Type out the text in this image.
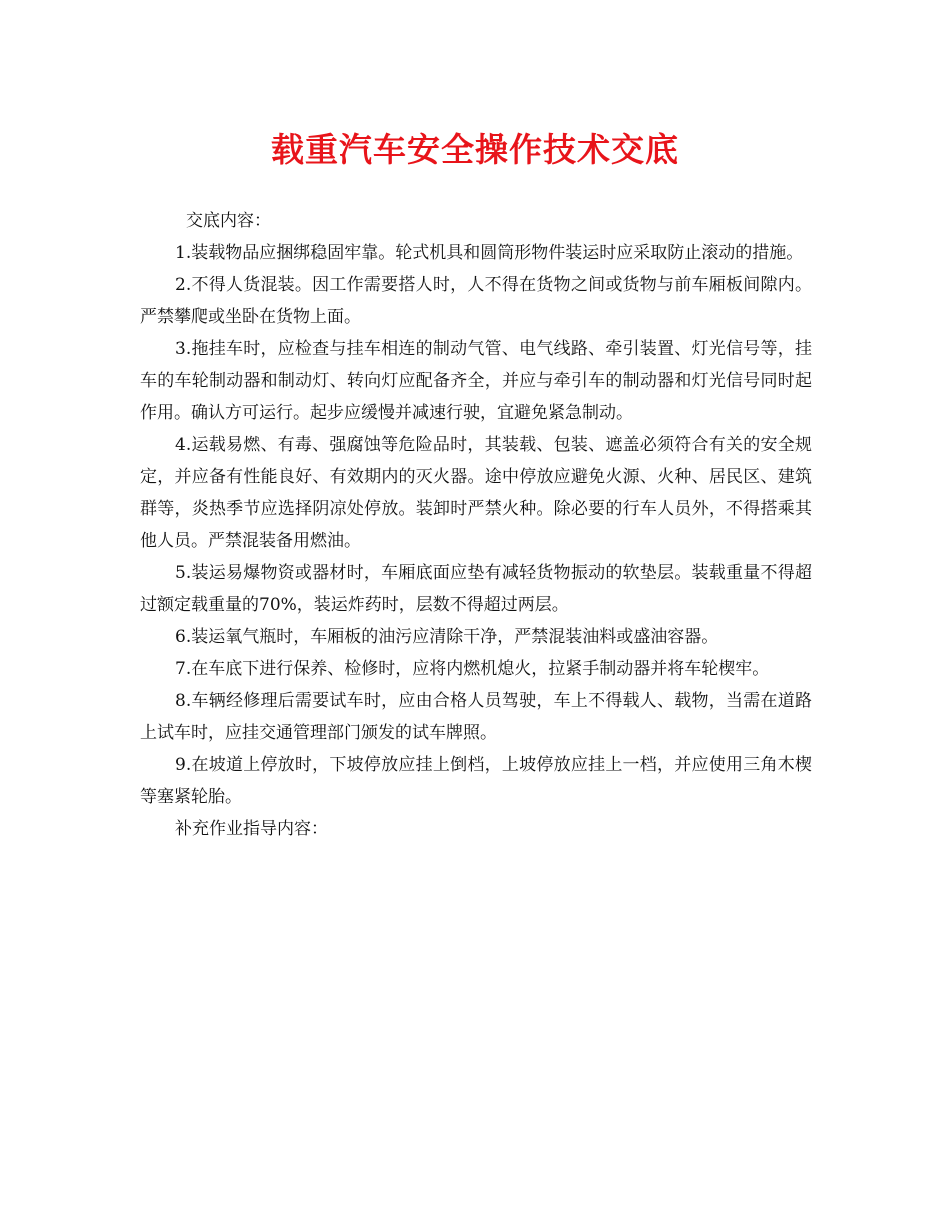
载重汽车安全操作技术交底

交底内容：

1.装载物品应捆绑稳固牢靠。轮式机具和圆筒形物件装运时应采取防止滚动的措施。

2.不得人货混装。因工作需要搭人时，人不得在货物之间或货物与前车厢板间隙内。严禁攀爬或坐卧在货物上面。

3.拖挂车时，应检查与挂车相连的制动气管、电气线路、牵引装置、灯光信号等，挂车的车轮制动器和制动灯、转向灯应配备齐全，并应与牵引车的制动器和灯光信号同时起作用。确认方可运行。起步应缓慢并减速行驶，宜避免紧急制动。

4.运载易燃、有毒、强腐蚀等危险品时，其装载、包装、遮盖必须符合有关的安全规定，并应备有性能良好、有效期内的灭火器。途中停放应避免火源、火种、居民区、建筑群等，炎热季节应选择阴凉处停放。装卸时严禁火种。除必要的行车人员外，不得搭乘其他人员。严禁混装备用燃油。

5.装运易爆物资或器材时，车厢底面应垫有减轻货物振动的软垫层。装载重量不得超过额定载重量的70%，装运炸药时，层数不得超过两层。

6.装运氧气瓶时，车厢板的油污应清除干净，严禁混装油料或盛油容器。

7.在车底下进行保养、检修时，应将内燃机熄火，拉紧手制动器并将车轮楔牢。

8.车辆经修理后需要试车时，应由合格人员驾驶，车上不得载人、载物，当需在道路上试车时，应挂交通管理部门颁发的试车牌照。

9.在坡道上停放时，下坡停放应挂上倒档，上坡停放应挂上一档，并应使用三角木楔等塞紧轮胎。

补充作业指导内容：
